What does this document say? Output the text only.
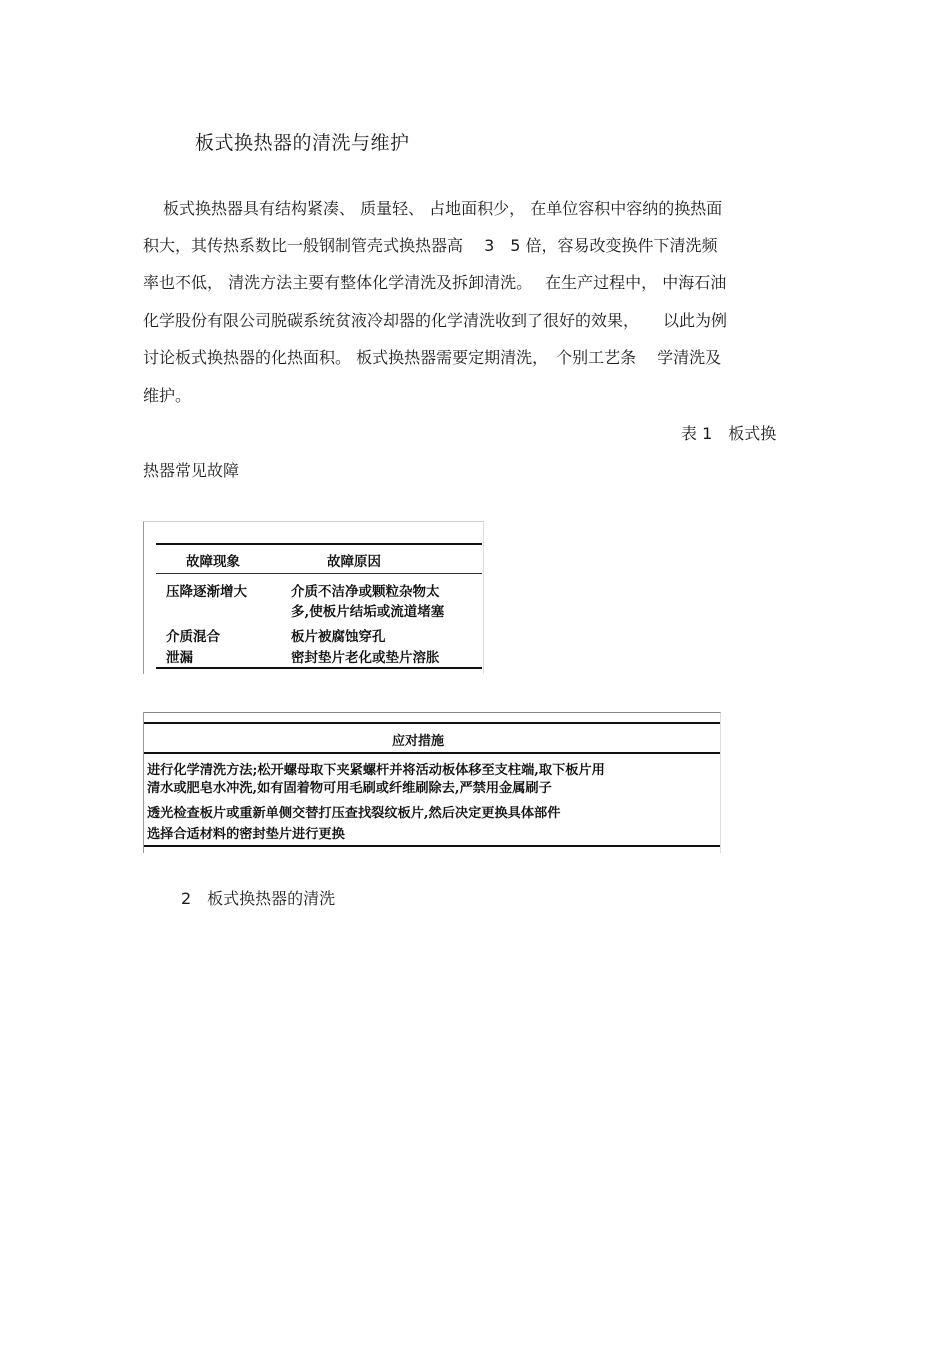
板式换热器的清洗与维护
板式换热器具有结构紧凑、 质量轻、 占地面积少， 在单位容积中容纳的换热面
积大，其传热系数比一般钢制管壳式换热器高　 3　5 倍，容易改变换件下清洗频
率也不低， 清洗方法主要有整体化学清洗及拆卸清洗。　 在生产过程中， 中海石油
化学股份有限公司脱碳系统贫液冷却器的化学清洗收到了很好的效果，　　以此为例
讨论板式换热器的化热面积。 板式换热器需要定期清洗，　个别工艺条　 学清洗及
维护。
表 1　板式换
热器常见故障
故障现象	故障原因
压降逐渐增大	介质不洁净或颗粒杂物太
多,使板片结垢或流道堵塞
介质混合	板片被腐蚀穿孔
泄漏	密封垫片老化或垫片溶胀
应对措施
进行化学清洗方法;松开螺母取下夹紧螺杆并将活动板体移至支柱端,取下板片用
清水或肥皂水冲洗,如有固着物可用毛刷或纤维刷除去,严禁用金属刷子
透光检查板片或重新单侧交替打压查找裂纹板片,然后决定更换具体部件
选择合适材料的密封垫片进行更换
2　板式换热器的清洗
